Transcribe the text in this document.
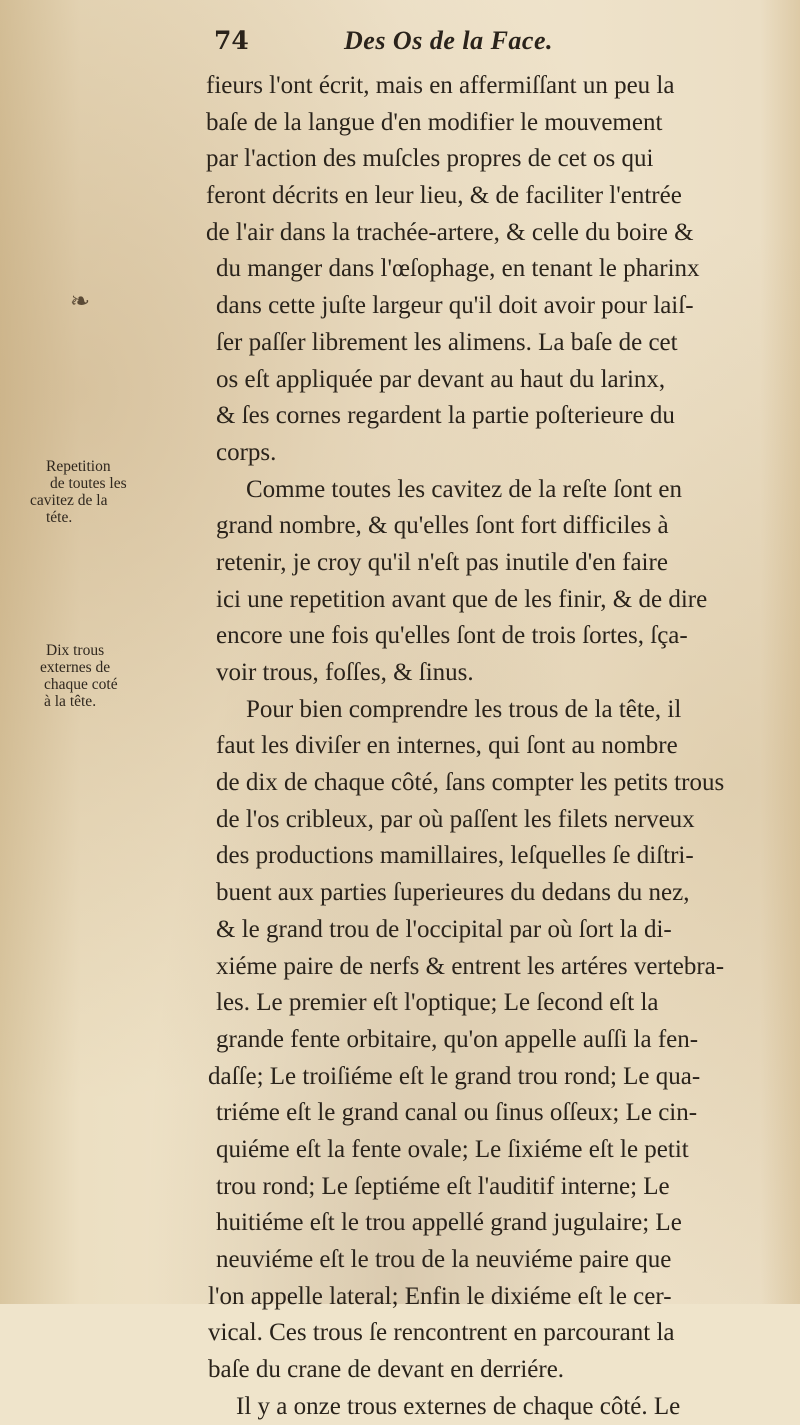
❧
74	Des Os de la Face.
Repetition
de toutes les
cavitez de la
téte.
Dix trous
externes de
chaque coté
à la tête.
fieurs l'ont écrit, mais en affermiſſant un peu la
baſe de la langue d'en modifier le mouvement
par l'action des muſcles propres de cet os qui
feront décrits en leur lieu, & de faciliter l'entrée
de l'air dans la trachée-artere, & celle du boire &
du manger dans l'œſophage, en tenant le pharinx
dans cette juſte largeur qu'il doit avoir pour laiſ-
ſer paſſer librement les alimens. La baſe de cet
os eſt appliquée par devant au haut du larinx,
& ſes cornes regardent la partie poſterieure du
corps.
Comme toutes les cavitez de la reſte ſont en
grand nombre, & qu'elles ſont fort difficiles à
retenir, je croy qu'il n'eſt pas inutile d'en faire
ici une repetition avant que de les finir, & de dire
encore une fois qu'elles ſont de trois ſortes, ſça-
voir trous, foſſes, & ſinus.
Pour bien comprendre les trous de la tête, il
faut les diviſer en internes, qui ſont au nombre
de dix de chaque côté, ſans compter les petits trous
de l'os cribleux, par où paſſent les filets nerveux
des productions mamillaires, leſquelles ſe diſtri-
buent aux parties ſuperieures du dedans du nez,
& le grand trou de l'occipital par où ſort la di-
xiéme paire de nerfs & entrent les artéres vertebra-
les. Le premier eſt l'optique; Le ſecond eſt la
grande fente orbitaire, qu'on appelle auſſi la fen-
daſſe; Le troiſiéme eſt le grand trou rond; Le qua-
triéme eſt le grand canal ou ſinus oſſeux; Le cin-
quiéme eſt la fente ovale; Le ſixiéme eſt le petit
trou rond; Le ſeptiéme eſt l'auditif interne; Le
huitiéme eſt le trou appellé grand jugulaire; Le
neuviéme eſt le trou de la neuviéme paire que
l'on appelle lateral; Enfin le dixiéme eſt le cer-
vical. Ces trous ſe rencontrent en parcourant la
baſe du crane de devant en derriére.
Il y a onze trous externes de chaque côté. Le
